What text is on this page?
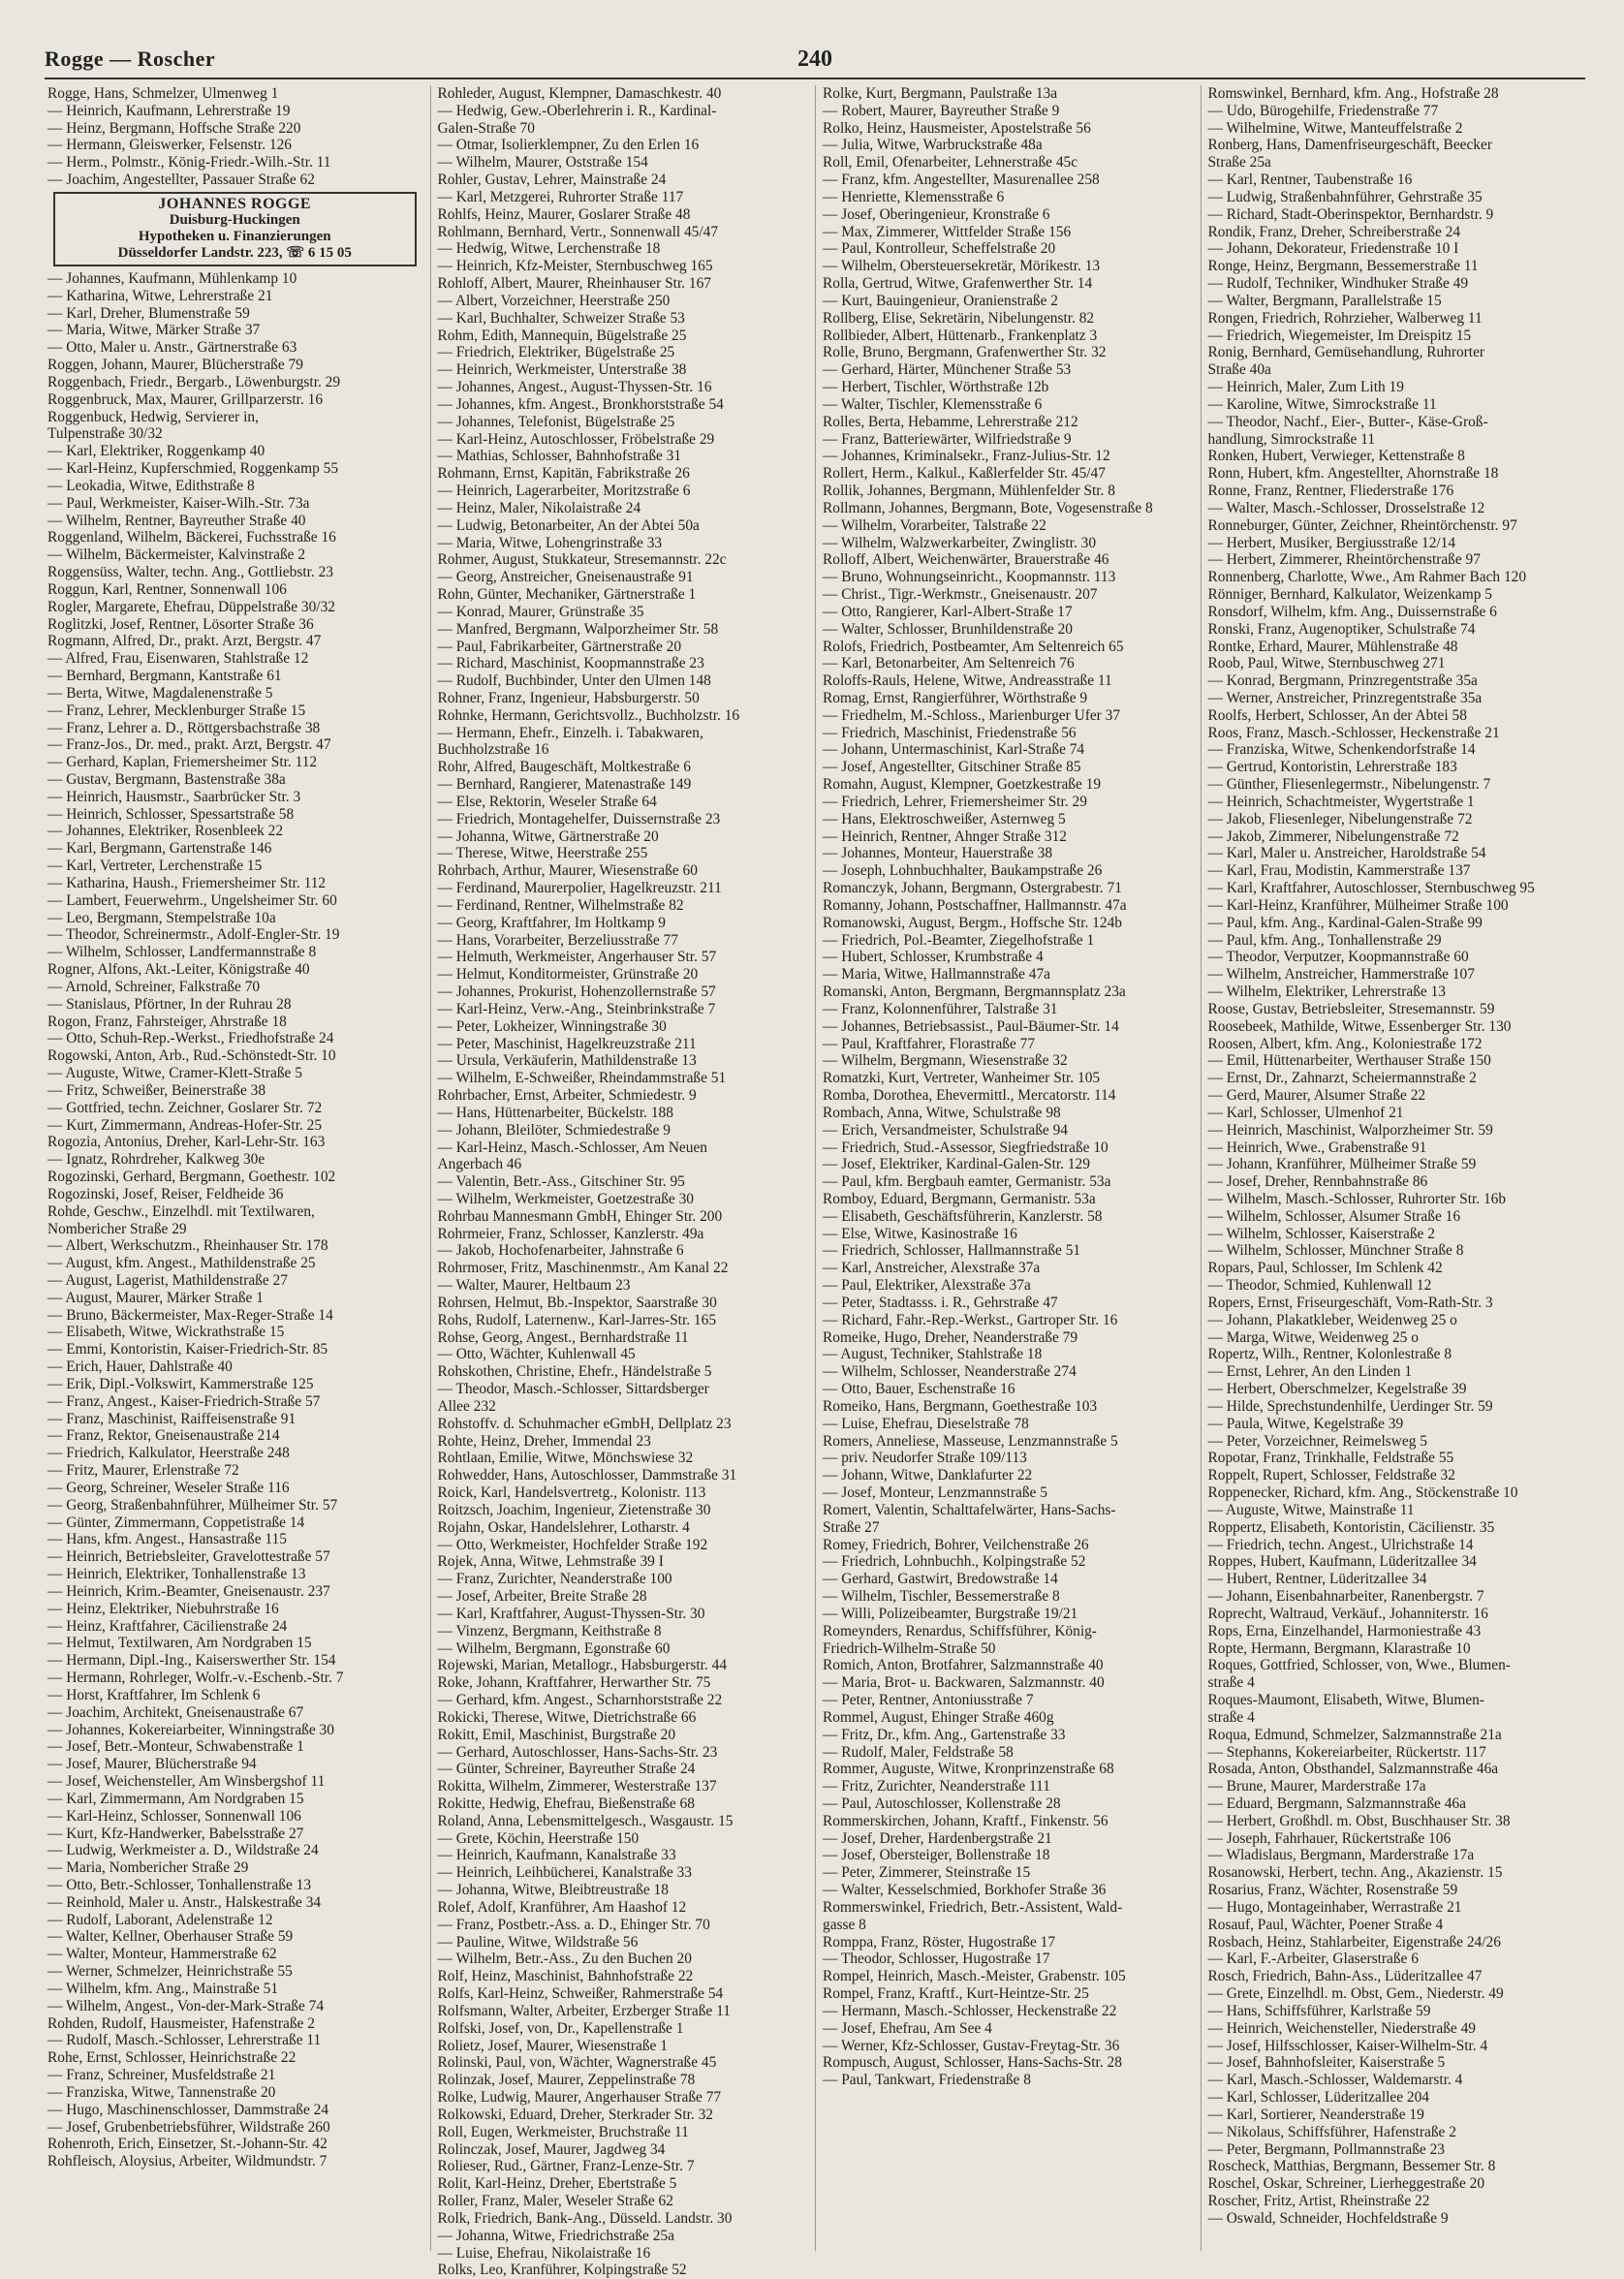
Rogge — Roscher	240
Rogge, Hans, Schmelzer, Ulmenweg 1
— Heinrich, Kaufmann, Lehrerstraße 19
— Heinz, Bergmann, Hoffsche Straße 220
— Hermann, Gleiswerker, Felsenstr. 126
— Herm., Polmstr., König-Friedr.-Wilh.-Str. 11
— Joachim, Angestellter, Passauer Straße 62
JOHANNES ROGGE
Duisburg-Huckingen
Hypotheken u. Finanzierungen
Düsseldorfer Landstr. 223, ☏ 6 15 05
— Johannes, Kaufmann, Mühlenkamp 10
— Katharina, Witwe, Lehrerstraße 21
— Karl, Dreher, Blumenstraße 59
— Maria, Witwe, Märker Straße 37
— Otto, Maler u. Anstr., Gärtnerstraße 63
Roggen, Johann, Maurer, Blücherstraße 79
Roggenbach, Friedr., Bergarb., Löwenburgstr. 29
Roggenbruck, Max, Maurer, Grillparzerstr. 16
Roggenbuck, Hedwig, Servierer in,
Tulpenstraße 30/32
— Karl, Elektriker, Roggenkamp 40
— Karl-Heinz, Kupferschmied, Roggenkamp 55
— Leokadia, Witwe, Edithstraße 8
— Paul, Werkmeister, Kaiser-Wilh.-Str. 73a
— Wilhelm, Rentner, Bayreuther Straße 40
Roggenland, Wilhelm, Bäckerei, Fuchsstraße 16
— Wilhelm, Bäckermeister, Kalvinstraße 2
Roggensüss, Walter, techn. Ang., Gottliebstr. 23
Roggun, Karl, Rentner, Sonnenwall 106
Rogler, Margarete, Ehefrau, Düppelstraße 30/32
Roglitzki, Josef, Rentner, Lösorter Straße 36
Rogmann, Alfred, Dr., prakt. Arzt, Bergstr. 47
— Alfred, Frau, Eisenwaren, Stahlstraße 12
— Bernhard, Bergmann, Kantstraße 61
— Berta, Witwe, Magdalenenstraße 5
— Franz, Lehrer, Mecklenburger Straße 15
— Franz, Lehrer a. D., Röttgersbachstraße 38
— Franz-Jos., Dr. med., prakt. Arzt, Bergstr. 47
— Gerhard, Kaplan, Friemersheimer Str. 112
— Gustav, Bergmann, Bastenstraße 38a
— Heinrich, Hausmstr., Saarbrücker Str. 3
— Heinrich, Schlosser, Spessartstraße 58
— Johannes, Elektriker, Rosenbleek 22
— Karl, Bergmann, Gartenstraße 146
— Karl, Vertreter, Lerchenstraße 15
— Katharina, Haush., Friemersheimer Str. 112
— Lambert, Feuerwehrm., Ungelsheimer Str. 60
— Leo, Bergmann, Stempelstraße 10a
— Theodor, Schreinermstr., Adolf-Engler-Str. 19
— Wilhelm, Schlosser, Landfermannstraße 8
Rogner, Alfons, Akt.-Leiter, Königstraße 40
— Arnold, Schreiner, Falkstraße 70
— Stanislaus, Pförtner, In der Ruhrau 28
Rogon, Franz, Fahrsteiger, Ahrstraße 18
— Otto, Schuh-Rep.-Werkst., Friedhofstraße 24
Rogowski, Anton, Arb., Rud.-Schönstedt-Str. 10
— Auguste, Witwe, Cramer-Klett-Straße 5
— Fritz, Schweißer, Beinerstraße 38
— Gottfried, techn. Zeichner, Goslarer Str. 72
— Kurt, Zimmermann, Andreas-Hofer-Str. 25
Rogozia, Antonius, Dreher, Karl-Lehr-Str. 163
— Ignatz, Rohrdreher, Kalkweg 30e
Rogozinski, Gerhard, Bergmann, Goethestr. 102
Rogozinski, Josef, Reiser, Feldheide 36
Rohde, Geschw., Einzelhdl. mit Textilwaren,
Nombericher Straße 29
— Albert, Werkschutzm., Rheinhauser Str. 178
— August, kfm. Angest., Mathildenstraße 25
— August, Lagerist, Mathildenstraße 27
— August, Maurer, Märker Straße 1
— Bruno, Bäckermeister, Max-Reger-Straße 14
— Elisabeth, Witwe, Wickrathstraße 15
— Emmi, Kontoristin, Kaiser-Friedrich-Str. 85
— Erich, Hauer, Dahlstraße 40
— Erik, Dipl.-Volkswirt, Kammerstraße 125
— Franz, Angest., Kaiser-Friedrich-Straße 57
— Franz, Maschinist, Raiffeisenstraße 91
— Franz, Rektor, Gneisenaustraße 214
— Friedrich, Kalkulator, Heerstraße 248
— Fritz, Maurer, Erlenstraße 72
— Georg, Schreiner, Weseler Straße 116
— Georg, Straßenbahnführer, Mülheimer Str. 57
— Günter, Zimmermann, Coppetistraße 14
— Hans, kfm. Angest., Hansastraße 115
— Heinrich, Betriebsleiter, Gravelottestraße 57
— Heinrich, Elektriker, Tonhallenstraße 13
— Heinrich, Krim.-Beamter, Gneisenaustr. 237
— Heinz, Elektriker, Niebuhrstraße 16
— Heinz, Kraftfahrer, Cäcilienstraße 24
— Helmut, Textilwaren, Am Nordgraben 15
— Hermann, Dipl.-Ing., Kaiserswerther Str. 154
— Hermann, Rohrleger, Wolfr.-v.-Eschenb.-Str. 7
— Horst, Kraftfahrer, Im Schlenk 6
— Joachim, Architekt, Gneisenaustraße 67
— Johannes, Kokereiarbeiter, Winningstraße 30
— Josef, Betr.-Monteur, Schwabenstraße 1
— Josef, Maurer, Blücherstraße 94
— Josef, Weichensteller, Am Winsbergshof 11
— Karl, Zimmermann, Am Nordgraben 15
— Karl-Heinz, Schlosser, Sonnenwall 106
— Kurt, Kfz-Handwerker, Babelsstraße 27
— Ludwig, Werkmeister a. D., Wildstraße 24
— Maria, Nombericher Straße 29
— Otto, Betr.-Schlosser, Tonhallenstraße 13
— Reinhold, Maler u. Anstr., Halskestraße 34
— Rudolf, Laborant, Adelenstraße 12
— Walter, Kellner, Oberhauser Straße 59
— Walter, Monteur, Hammerstraße 62
— Werner, Schmelzer, Heinrichstraße 55
— Wilhelm, kfm. Ang., Mainstraße 51
— Wilhelm, Angest., Von-der-Mark-Straße 74
Rohden, Rudolf, Hausmeister, Hafenstraße 2
— Rudolf, Masch.-Schlosser, Lehrerstraße 11
Rohe, Ernst, Schlosser, Heinrichstraße 22
— Franz, Schreiner, Musfeldstraße 21
— Franziska, Witwe, Tannenstraße 20
— Hugo, Maschinenschlosser, Dammstraße 24
— Josef, Grubenbetriebsführer, Wildstraße 260
Rohenroth, Erich, Einsetzer, St.-Johann-Str. 42
Rohfleisch, Aloysius, Arbeiter, Wildmundstr. 7
Rohleder, August, Klempner, Damaschkestr. 40
— Hedwig, Gew.-Oberlehrerin i. R., Kardinal-
Galen-Straße 70
— Otmar, Isolierklempner, Zu den Erlen 16
— Wilhelm, Maurer, Oststraße 154
Rohler, Gustav, Lehrer, Mainstraße 24
— Karl, Metzgerei, Ruhrorter Straße 117
Rohlfs, Heinz, Maurer, Goslarer Straße 48
Rohlmann, Bernhard, Vertr., Sonnenwall 45/47
— Hedwig, Witwe, Lerchenstraße 18
— Heinrich, Kfz-Meister, Sternbuschweg 165
Rohloff, Albert, Maurer, Rheinhauser Str. 167
— Albert, Vorzeichner, Heerstraße 250
— Karl, Buchhalter, Schweizer Straße 53
Rohm, Edith, Mannequin, Bügelstraße 25
— Friedrich, Elektriker, Bügelstraße 25
— Heinrich, Werkmeister, Unterstraße 38
— Johannes, Angest., August-Thyssen-Str. 16
— Johannes, kfm. Angest., Bronkhorststraße 54
— Johannes, Telefonist, Bügelstraße 25
— Karl-Heinz, Autoschlosser, Fröbelstraße 29
— Mathias, Schlosser, Bahnhofstraße 31
Rohmann, Ernst, Kapitän, Fabrikstraße 26
— Heinrich, Lagerarbeiter, Moritzstraße 6
— Heinz, Maler, Nikolaistraße 24
— Ludwig, Betonarbeiter, An der Abtei 50a
— Maria, Witwe, Lohengrinstraße 33
Rohmer, August, Stukkateur, Stresemannstr. 22c
— Georg, Anstreicher, Gneisenaustraße 91
Rohn, Günter, Mechaniker, Gärtnerstraße 1
— Konrad, Maurer, Grünstraße 35
— Manfred, Bergmann, Walporzheimer Str. 58
— Paul, Fabrikarbeiter, Gärtnerstraße 20
— Richard, Maschinist, Koopmannstraße 23
— Rudolf, Buchbinder, Unter den Ulmen 148
Rohner, Franz, Ingenieur, Habsburgerstr. 50
Rohnke, Hermann, Gerichtsvollz., Buchholzstr. 16
— Hermann, Ehefr., Einzelh. i. Tabakwaren,
Buchholzstraße 16
Rohr, Alfred, Baugeschäft, Moltkestraße 6
— Bernhard, Rangierer, Matenastraße 149
— Else, Rektorin, Weseler Straße 64
— Friedrich, Montagehelfer, Duissernstraße 23
— Johanna, Witwe, Gärtnerstraße 20
— Therese, Witwe, Heerstraße 255
Rohrbach, Arthur, Maurer, Wiesenstraße 60
— Ferdinand, Maurerpolier, Hagelkreuzstr. 211
— Ferdinand, Rentner, Wilhelmstraße 82
— Georg, Kraftfahrer, Im Holtkamp 9
— Hans, Vorarbeiter, Berzeliusstraße 77
— Helmuth, Werkmeister, Angerhauser Str. 57
— Helmut, Konditormeister, Grünstraße 20
— Johannes, Prokurist, Hohenzollernstraße 57
— Karl-Heinz, Verw.-Ang., Steinbrinkstraße 7
— Peter, Lokheizer, Winningstraße 30
— Peter, Maschinist, Hagelkreuzstraße 211
— Ursula, Verkäuferin, Mathildenstraße 13
— Wilhelm, E-Schweißer, Rheindammstraße 51
Rohrbacher, Ernst, Arbeiter, Schmiedestr. 9
— Hans, Hüttenarbeiter, Bückelstr. 188
— Johann, Bleilöter, Schmiedestraße 9
— Karl-Heinz, Masch.-Schlosser, Am Neuen
Angerbach 46
— Valentin, Betr.-Ass., Gitschiner Str. 95
— Wilhelm, Werkmeister, Goetzestraße 30
Rohrbau Mannesmann GmbH, Ehinger Str. 200
Rohrmeier, Franz, Schlosser, Kanzlerstr. 49a
— Jakob, Hochofenarbeiter, Jahnstraße 6
Rohrmoser, Fritz, Maschinenmstr., Am Kanal 22
— Walter, Maurer, Heltbaum 23
Rohrsen, Helmut, Bb.-Inspektor, Saarstraße 30
Rohs, Rudolf, Laternenw., Karl-Jarres-Str. 165
Rohse, Georg, Angest., Bernhardstraße 11
— Otto, Wächter, Kuhlenwall 45
Rohskothen, Christine, Ehefr., Händelstraße 5
— Theodor, Masch.-Schlosser, Sittardsberger
Allee 232
Rohstoffv. d. Schuhmacher eGmbH, Dellplatz 23
Rohte, Heinz, Dreher, Immendal 23
Rohtlaan, Emilie, Witwe, Mönchswiese 32
Rohwedder, Hans, Autoschlosser, Dammstraße 31
Roick, Karl, Handelsvertretg., Kolonistr. 113
Roitzsch, Joachim, Ingenieur, Zietenstraße 30
Rojahn, Oskar, Handelslehrer, Lotharstr. 4
— Otto, Werkmeister, Hochfelder Straße 192
Rojek, Anna, Witwe, Lehmstraße 39 I
— Franz, Zurichter, Neanderstraße 100
— Josef, Arbeiter, Breite Straße 28
— Karl, Kraftfahrer, August-Thyssen-Str. 30
— Vinzenz, Bergmann, Keithstraße 8
— Wilhelm, Bergmann, Egonstraße 60
Rojewski, Marian, Metallogr., Habsburgerstr. 44
Roke, Johann, Kraftfahrer, Herwarther Str. 75
— Gerhard, kfm. Angest., Scharnhorststraße 22
Rokicki, Therese, Witwe, Dietrichstraße 66
Rokitt, Emil, Maschinist, Burgstraße 20
— Gerhard, Autoschlosser, Hans-Sachs-Str. 23
— Günter, Schreiner, Bayreuther Straße 24
Rokitta, Wilhelm, Zimmerer, Westerstraße 137
Rokitte, Hedwig, Ehefrau, Bießenstraße 68
Roland, Anna, Lebensmittelgesch., Wasgaustr. 15
— Grete, Köchin, Heerstraße 150
— Heinrich, Kaufmann, Kanalstraße 33
— Heinrich, Leihbücherei, Kanalstraße 33
— Johanna, Witwe, Bleibtreustraße 18
Rolef, Adolf, Kranführer, Am Haashof 12
— Franz, Postbetr.-Ass. a. D., Ehinger Str. 70
— Pauline, Witwe, Wildstraße 56
— Wilhelm, Betr.-Ass., Zu den Buchen 20
Rolf, Heinz, Maschinist, Bahnhofstraße 22
Rolfs, Karl-Heinz, Schweißer, Rahmerstraße 54
Rolfsmann, Walter, Arbeiter, Erzberger Straße 11
Rolfski, Josef, von, Dr., Kapellenstraße 1
Rolietz, Josef, Maurer, Wiesenstraße 1
Rolinski, Paul, von, Wächter, Wagnerstraße 45
Rolinzak, Josef, Maurer, Zeppelinstraße 78
Rolke, Ludwig, Maurer, Angerhauser Straße 77
Rolkowski, Eduard, Dreher, Sterkrader Str. 32
Roll, Eugen, Werkmeister, Bruchstraße 11
Rolinczak, Josef, Maurer, Jagdweg 34
Rolieser, Rud., Gärtner, Franz-Lenze-Str. 7
Rolit, Karl-Heinz, Dreher, Ebertstraße 5
Roller, Franz, Maler, Weseler Straße 62
Rolk, Friedrich, Bank-Ang., Düsseld. Landstr. 30
— Johanna, Witwe, Friedrichstraße 25a
— Luise, Ehefrau, Nikolaistraße 16
Rolks, Leo, Kranführer, Kolpingstraße 52
Rolke, Kurt, Bergmann, Paulstraße 13a
— Robert, Maurer, Bayreuther Straße 9
Rolko, Heinz, Hausmeister, Apostelstraße 56
— Julia, Witwe, Warbruckstraße 48a
Roll, Emil, Ofenarbeiter, Lehnerstraße 45c
— Franz, kfm. Angestellter, Masurenallee 258
— Henriette, Klemensstraße 6
— Josef, Oberingenieur, Kronstraße 6
— Max, Zimmerer, Wittfelder Straße 156
— Paul, Kontrolleur, Scheffelstraße 20
— Wilhelm, Obersteuersekretär, Mörikestr. 13
Rolla, Gertrud, Witwe, Grafenwerther Str. 14
— Kurt, Bauingenieur, Oranienstraße 2
Rollberg, Elise, Sekretärin, Nibelungenstr. 82
Rollbieder, Albert, Hüttenarb., Frankenplatz 3
Rolle, Bruno, Bergmann, Grafenwerther Str. 32
— Gerhard, Härter, Münchener Straße 53
— Herbert, Tischler, Wörthstraße 12b
— Walter, Tischler, Klemensstraße 6
Rolles, Berta, Hebamme, Lehrerstraße 212
— Franz, Batteriewärter, Wilfriedstraße 9
— Johannes, Kriminalsekr., Franz-Julius-Str. 12
Rollert, Herm., Kalkul., Kaßlerfelder Str. 45/47
Rollik, Johannes, Bergmann, Mühlenfelder Str. 8
Rollmann, Johannes, Bergmann, Bote, Vogesenstraße 8
— Wilhelm, Vorarbeiter, Talstraße 22
— Wilhelm, Walzwerkarbeiter, Zwinglistr. 30
Rolloff, Albert, Weichenwärter, Brauerstraße 46
— Bruno, Wohnungseinricht., Koopmannstr. 113
— Christ., Tigr.-Werkmstr., Gneisenaustr. 207
— Otto, Rangierer, Karl-Albert-Straße 17
— Walter, Schlosser, Brunhildenstraße 20
Rolofs, Friedrich, Postbeamter, Am Seltenreich 65
— Karl, Betonarbeiter, Am Seltenreich 76
Roloffs-Rauls, Helene, Witwe, Andreasstraße 11
Romag, Ernst, Rangierführer, Wörthstraße 9
— Friedhelm, M.-Schloss., Marienburger Ufer 37
— Friedrich, Maschinist, Friedenstraße 56
— Johann, Untermaschinist, Karl-Straße 74
— Josef, Angestellter, Gitschiner Straße 85
Romahn, August, Klempner, Goetzkestraße 19
— Friedrich, Lehrer, Friemersheimer Str. 29
— Hans, Elektroschweißer, Asternweg 5
— Heinrich, Rentner, Ahnger Straße 312
— Johannes, Monteur, Hauerstraße 38
— Joseph, Lohnbuchhalter, Baukampstraße 26
Romanczyk, Johann, Bergmann, Ostergrabestr. 71
Romanny, Johann, Postschaffner, Hallmannstr. 47a
Romanowski, August, Bergm., Hoffsche Str. 124b
— Friedrich, Pol.-Beamter, Ziegelhofstraße 1
— Hubert, Schlosser, Krumbstraße 4
— Maria, Witwe, Hallmannstraße 47a
Romanski, Anton, Bergmann, Bergmannsplatz 23a
— Franz, Kolonnenführer, Talstraße 31
— Johannes, Betriebsassist., Paul-Bäumer-Str. 14
— Paul, Kraftfahrer, Florastraße 77
— Wilhelm, Bergmann, Wiesenstraße 32
Romatzki, Kurt, Vertreter, Wanheimer Str. 105
Romba, Dorothea, Ehevermittl., Mercatorstr. 114
Rombach, Anna, Witwe, Schulstraße 98
— Erich, Versandmeister, Schulstraße 94
— Friedrich, Stud.-Assessor, Siegfriedstraße 10
— Josef, Elektriker, Kardinal-Galen-Str. 129
— Paul, kfm. Bergbauh eamter, Germanistr. 53a
Romboy, Eduard, Bergmann, Germanistr. 53a
— Elisabeth, Geschäftsführerin, Kanzlerstr. 58
— Else, Witwe, Kasinostraße 16
— Friedrich, Schlosser, Hallmannstraße 51
— Karl, Anstreicher, Alexstraße 37a
— Paul, Elektriker, Alexstraße 37a
— Peter, Stadtasss. i. R., Gehrstraße 47
— Richard, Fahr.-Rep.-Werkst., Gartroper Str. 16
Romeike, Hugo, Dreher, Neanderstraße 79
— August, Techniker, Stahlstraße 18
— Wilhelm, Schlosser, Neanderstraße 274
— Otto, Bauer, Eschenstraße 16
Romeiko, Hans, Bergmann, Goethestraße 103
— Luise, Ehefrau, Dieselstraße 78
Romers, Anneliese, Masseuse, Lenzmannstraße 5
— priv. Neudorfer Straße 109/113
— Johann, Witwe, Danklafurter 22
— Josef, Monteur, Lenzmannstraße 5
Romert, Valentin, Schalttafelwärter, Hans-Sachs-
Straße 27
Romey, Friedrich, Bohrer, Veilchenstraße 26
— Friedrich, Lohnbuchh., Kolpingstraße 52
— Gerhard, Gastwirt, Bredowstraße 14
— Wilhelm, Tischler, Bessemerstraße 8
— Willi, Polizeibeamter, Burgstraße 19/21
Romeynders, Renardus, Schiffsführer, König-
Friedrich-Wilhelm-Straße 50
Romich, Anton, Brotfahrer, Salzmannstraße 40
— Maria, Brot- u. Backwaren, Salzmannstr. 40
— Peter, Rentner, Antoniusstraße 7
Rommel, August, Ehinger Straße 460g
— Fritz, Dr., kfm. Ang., Gartenstraße 33
— Rudolf, Maler, Feldstraße 58
Rommer, Auguste, Witwe, Kronprinzenstraße 68
— Fritz, Zurichter, Neanderstraße 111
— Paul, Autoschlosser, Kollenstraße 28
Rommerskirchen, Johann, Kraftf., Finkenstr. 56
— Josef, Dreher, Hardenbergstraße 21
— Josef, Obersteiger, Bollenstraße 18
— Peter, Zimmerer, Steinstraße 15
— Walter, Kesselschmied, Borkhofer Straße 36
Rommerswinkel, Friedrich, Betr.-Assistent, Wald-
gasse 8
Romppa, Franz, Röster, Hugostraße 17
— Theodor, Schlosser, Hugostraße 17
Rompel, Heinrich, Masch.-Meister, Grabenstr. 105
Rompel, Franz, Kraftf., Kurt-Heintze-Str. 25
— Hermann, Masch.-Schlosser, Heckenstraße 22
— Josef, Ehefrau, Am See 4
— Werner, Kfz-Schlosser, Gustav-Freytag-Str. 36
Rompusch, August, Schlosser, Hans-Sachs-Str. 28
— Paul, Tankwart, Friedenstraße 8
Romswinkel, Bernhard, kfm. Ang., Hofstraße 28
— Udo, Bürogehilfe, Friedenstraße 77
— Wilhelmine, Witwe, Manteuffelstraße 2
Ronberg, Hans, Damenfriseurgeschäft, Beecker
Straße 25a
— Karl, Rentner, Taubenstraße 16
— Ludwig, Straßenbahnführer, Gehrstraße 35
— Richard, Stadt-Oberinspektor, Bernhardstr. 9
Rondik, Franz, Dreher, Schreiberstraße 24
— Johann, Dekorateur, Friedenstraße 10 I
Ronge, Heinz, Bergmann, Bessemerstraße 11
— Rudolf, Techniker, Windhuker Straße 49
— Walter, Bergmann, Parallelstraße 15
Rongen, Friedrich, Rohrzieher, Walberweg 11
— Friedrich, Wiegemeister, Im Dreispitz 15
Ronig, Bernhard, Gemüsehandlung, Ruhrorter
Straße 40a
— Heinrich, Maler, Zum Lith 19
— Karoline, Witwe, Simrockstraße 11
— Theodor, Nachf., Eier-, Butter-, Käse-Groß-
handlung, Simrockstraße 11
Ronken, Hubert, Verwieger, Kettenstraße 8
Ronn, Hubert, kfm. Angestellter, Ahornstraße 18
Ronne, Franz, Rentner, Fliederstraße 176
— Walter, Masch.-Schlosser, Drosselstraße 12
Ronneburger, Günter, Zeichner, Rheintörchenstr. 97
— Herbert, Musiker, Bergiusstraße 12/14
— Herbert, Zimmerer, Rheintörchenstraße 97
Ronnenberg, Charlotte, Wwe., Am Rahmer Bach 120
Rönniger, Bernhard, Kalkulator, Weizenkamp 5
Ronsdorf, Wilhelm, kfm. Ang., Duissernstraße 6
Ronski, Franz, Augenoptiker, Schulstraße 74
Rontke, Erhard, Maurer, Mühlenstraße 48
Roob, Paul, Witwe, Sternbuschweg 271
— Konrad, Bergmann, Prinzregentstraße 35a
— Werner, Anstreicher, Prinzregentstraße 35a
Roolfs, Herbert, Schlosser, An der Abtei 58
Roos, Franz, Masch.-Schlosser, Heckenstraße 21
— Franziska, Witwe, Schenkendorfstraße 14
— Gertrud, Kontoristin, Lehrerstraße 183
— Günther, Fliesenlegermstr., Nibelungenstr. 7
— Heinrich, Schachtmeister, Wygertstraße 1
— Jakob, Fliesenleger, Nibelungenstraße 72
— Jakob, Zimmerer, Nibelungenstraße 72
— Karl, Maler u. Anstreicher, Haroldstraße 54
— Karl, Frau, Modistin, Kammerstraße 137
— Karl, Kraftfahrer, Autoschlosser, Sternbuschweg 95
— Karl-Heinz, Kranführer, Mülheimer Straße 100
— Paul, kfm. Ang., Kardinal-Galen-Straße 99
— Paul, kfm. Ang., Tonhallenstraße 29
— Theodor, Verputzer, Koopmannstraße 60
— Wilhelm, Anstreicher, Hammerstraße 107
— Wilhelm, Elektriker, Lehrerstraße 13
Roose, Gustav, Betriebsleiter, Stresemannstr. 59
Roosebeek, Mathilde, Witwe, Essenberger Str. 130
Roosen, Albert, kfm. Ang., Koloniestraße 172
— Emil, Hüttenarbeiter, Werthauser Straße 150
— Ernst, Dr., Zahnarzt, Scheiermannstraße 2
— Gerd, Maurer, Alsumer Straße 22
— Karl, Schlosser, Ulmenhof 21
— Heinrich, Maschinist, Walporzheimer Str. 59
— Heinrich, Wwe., Grabenstraße 91
— Johann, Kranführer, Mülheimer Straße 59
— Josef, Dreher, Rennbahnstraße 86
— Wilhelm, Masch.-Schlosser, Ruhrorter Str. 16b
— Wilhelm, Schlosser, Alsumer Straße 16
— Wilhelm, Schlosser, Kaiserstraße 2
— Wilhelm, Schlosser, Münchner Straße 8
Ropars, Paul, Schlosser, Im Schlenk 42
— Theodor, Schmied, Kuhlenwall 12
Ropers, Ernst, Friseurgeschäft, Vom-Rath-Str. 3
— Johann, Plakatkleber, Weidenweg 25 o
— Marga, Witwe, Weidenweg 25 o
Ropertz, Wilh., Rentner, Kolonlestraße 8
— Ernst, Lehrer, An den Linden 1
— Herbert, Oberschmelzer, Kegelstraße 39
— Hilde, Sprechstundenhilfe, Uerdinger Str. 59
— Paula, Witwe, Kegelstraße 39
— Peter, Vorzeichner, Reimelsweg 5
Ropotar, Franz, Trinkhalle, Feldstraße 55
Roppelt, Rupert, Schlosser, Feldstraße 32
Roppenecker, Richard, kfm. Ang., Stöckenstraße 10
— Auguste, Witwe, Mainstraße 11
Roppertz, Elisabeth, Kontoristin, Cäcilienstr. 35
— Friedrich, techn. Angest., Ulrichstraße 14
Roppes, Hubert, Kaufmann, Lüderitzallee 34
— Hubert, Rentner, Lüderitzallee 34
— Johann, Eisenbahnarbeiter, Ranenbergstr. 7
Roprecht, Waltraud, Verkäuf., Johanniterstr. 16
Rops, Erna, Einzelhandel, Harmoniestraße 43
Ropte, Hermann, Bergmann, Klarastraße 10
Roques, Gottfried, Schlosser, von, Wwe., Blumen-
straße 4
Roques-Maumont, Elisabeth, Witwe, Blumen-
straße 4
Roqua, Edmund, Schmelzer, Salzmannstraße 21a
— Stephanns, Kokereiarbeiter, Rückertstr. 117
Rosada, Anton, Obsthandel, Salzmannstraße 46a
— Brune, Maurer, Marderstraße 17a
— Eduard, Bergmann, Salzmannstraße 46a
— Herbert, Großhdl. m. Obst, Buschhauser Str. 38
— Joseph, Fahrhauer, Rückertstraße 106
— Wladislaus, Bergmann, Marderstraße 17a
Rosanowski, Herbert, techn. Ang., Akazienstr. 15
Rosarius, Franz, Wächter, Rosenstraße 59
— Hugo, Montageinhaber, Werrastraße 21
Rosauf, Paul, Wächter, Poener Straße 4
Rosbach, Heinz, Stahlarbeiter, Eigenstraße 24/26
— Karl, F.-Arbeiter, Glaserstraße 6
Rosch, Friedrich, Bahn-Ass., Lüderitzallee 47
— Grete, Einzelhdl. m. Obst, Gem., Niederstr. 49
— Hans, Schiffsführer, Karlstraße 59
— Heinrich, Weichensteller, Niederstraße 49
— Josef, Hilfsschlosser, Kaiser-Wilhelm-Str. 4
— Josef, Bahnhofsleiter, Kaiserstraße 5
— Karl, Masch.-Schlosser, Waldemarstr. 4
— Karl, Schlosser, Lüderitzallee 204
— Karl, Sortierer, Neanderstraße 19
— Nikolaus, Schiffsführer, Hafenstraße 2
— Peter, Bergmann, Pollmannstraße 23
Roscheck, Matthias, Bergmann, Bessemer Str. 8
Roschel, Oskar, Schreiner, Lierheggestraße 20
Roscher, Fritz, Artist, Rheinstraße 22
— Oswald, Schneider, Hochfeldstraße 9
